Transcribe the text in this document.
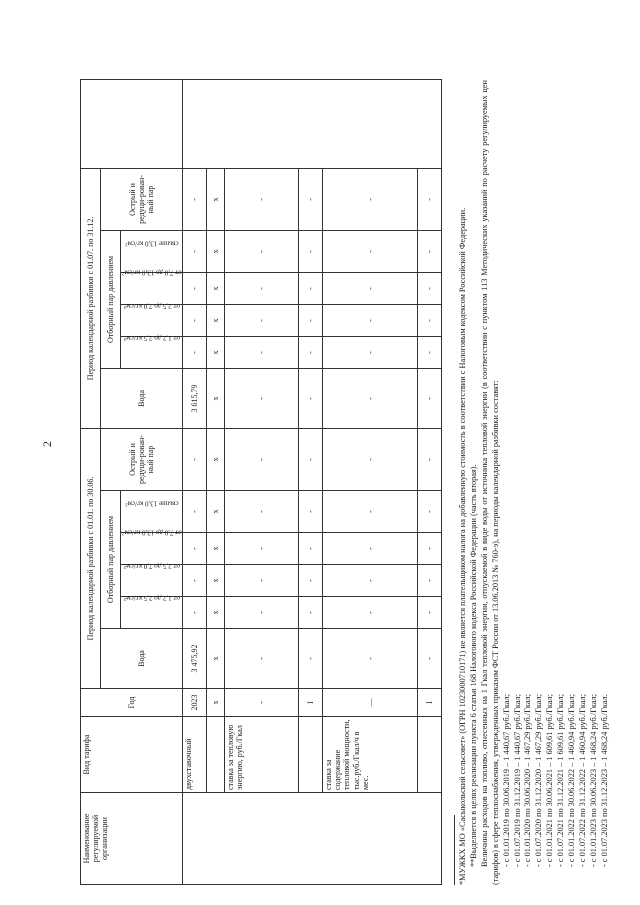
2
Наименование регулируемой организации	Вид тарифа	Год	Период календарной разбивки с 01.01. по 30.06.						Период календарной разбивки с 01.07. по 31.12.						
			Вода	Отборный пар давлением				Острый и редуци-рован-ный пар	Вода	Отборный пар давлением				Острый и редуци-рован-ный пар	
				от 1,2 до 2,5 кг/см²	от 2,5 до 7,0 кг/см²	от 7,0 до 13,0 кг/см²	свыше 13,0 кг/см²			от 1,2 до 2,5 кг/см²	от 2,5 до 7,0 кг/см²	от 7,0 до 13,0 кг/см²	свыше 13,0 кг/см²		
	двухставочный	2023	3 475,92	-	-	-	-	-	3 615,79	-	-	-	-	-	
		х	х	х	х	х	х	х	х	х	х	х	х	х	
	ставка за тепловую энергию, руб./Гкал	-	-	-	-	-	-	-	-	-	-	-	-	-	
		I	-	-	-	-	-	-	-	-	-	-	-	-	
	ставка за содержание тепловой мощности, тыс.руб./Гкал/ч в мес.	—	-	-	-	-	-	-	-	-	-	-	-	-	
		I	-	-	-	-	-	-	-	-	-	-	-	-	

*МУЖКХ МО «Сасыкольский сельсовет» (ОГРН 1023000710171) не является плательщиком налога на добавленную стоимость в соответствии с Налоговым кодексом Российской Федерации. **Выделяется в целях реализации пункта 6 статьи 168 Налогового кодекса Российской Федерации (часть вторая). Величины расходов на топливо, отнесенных на 1 Гкал тепловой энергии, отпускаемой в виде воды от источника тепловой энергии (в соответствии с пунктом 113 Методических указаний по расчету регулируемых цен (тарифов) в сфере теплоснабжения, утвержденных приказом ФСТ России от 13.06.2013 № 760-э), на периоды календарной разбивки составят: - с 01.01.2019 по 30.06.2019 – 1 440,67 руб./Гкал; - с 01.07.2019 по 31.12.2019 – 1 440,67 руб./Гкал; - с 01.01.2020 по 30.06.2020 – 1 467,29 руб./Гкал; - с 01.07.2020 по 31.12.2020 – 1 467,29 руб./Гкал; - с 01.01.2021 по 30.06.2021 – 1 609,61 руб./Гкал; - с 01.07.2021 по 31.12.2021 – 1 609,61 руб./Гкал; - с 01.01.2022 по 30.06.2022 – 1 460,94 руб./Гкал; - с 01.07.2022 по 31.12.2022 – 1 460,94 руб./Гкал; - с 01.01.2023 по 30.06.2023 – 1 468,24 руб./Гкал; - с 01.07.2023 по 31.12.2023 – 1 468,24 руб./Гкал.
